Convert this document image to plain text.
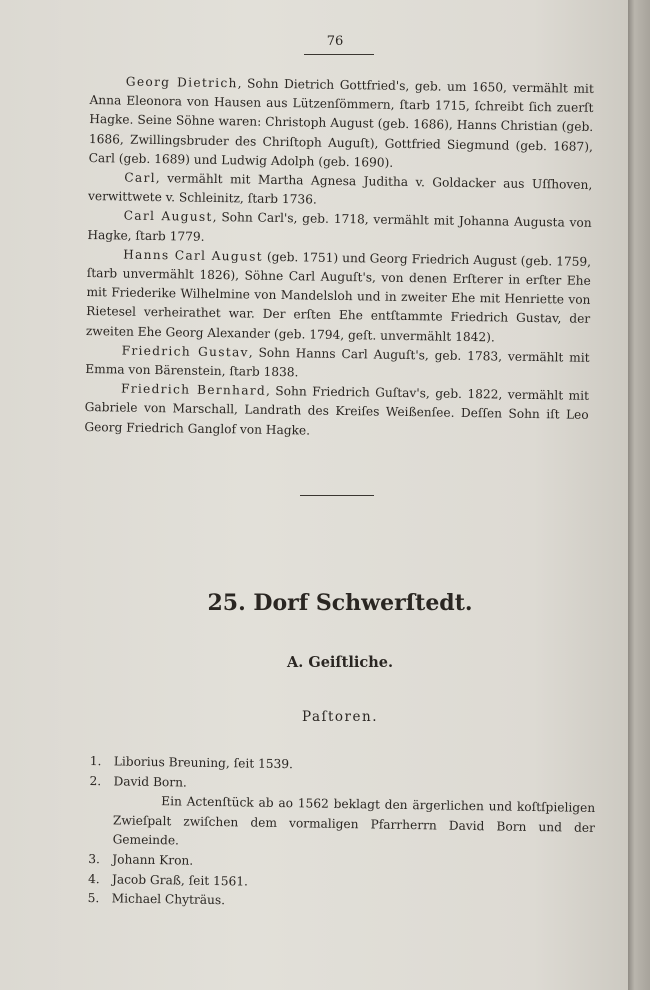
76

Georg Dietrich, Sohn Dietrich Gottfried's, geb. um 1650, vermählt mit Anna Eleonora von Hausen aus Lützenſömmern, ſtarb 1715, ſchreibt ſich zuerſt Hagke. Seine Söhne waren: Christoph August (geb. 1686), Hanns Christian (geb. 1686, Zwillingsbruder des Chriſtoph Auguſt), Gottfried Siegmund (geb. 1687), Carl (geb. 1689) und Ludwig Adolph (geb. 1690).

Carl, vermählt mit Martha Agnesa Juditha v. Goldacker aus Uſſhoven, verwittwete v. Schleinitz, ſtarb 1736.

Carl August, Sohn Carl's, geb. 1718, vermählt mit Johanna Augusta von Hagke, ſtarb 1779.

Hanns Carl August (geb. 1751) und Georg Friedrich August (geb. 1759, ſtarb unvermählt 1826), Söhne Carl Auguſt's, von denen Erſterer in erſter Ehe mit Friederike Wilhelmine von Mandelsloh und in zweiter Ehe mit Henriette von Rietesel verheirathet war. Der erſten Ehe entſtammte Friedrich Gustav, der zweiten Ehe Georg Alexander (geb. 1794, geſt. unvermählt 1842).

Friedrich Gustav, Sohn Hanns Carl Auguſt's, geb. 1783, vermählt mit Emma von Bärenstein, ſtarb 1838.

Friedrich Bernhard, Sohn Friedrich Guſtav's, geb. 1822, vermählt mit Gabriele von Marschall, Landrath des Kreiſes Weißenſee. Deſſen Sohn iſt Leo Georg Friedrich Ganglof von Hagke.

25. Dorf Schwerſtedt.
A. Geiſtliche.
Paſtoren.

1. Liborius Breuning, ſeit 1539.

2. David Born.

Ein Actenſtück ab ao 1562 beklagt den ärgerlichen und koſtſpieligen Zwieſpalt zwiſchen dem vormaligen Pfarrherrn David Born und der Gemeinde.

3. Johann Kron.

4. Jacob Graß, ſeit 1561.

5. Michael Chyträus.
